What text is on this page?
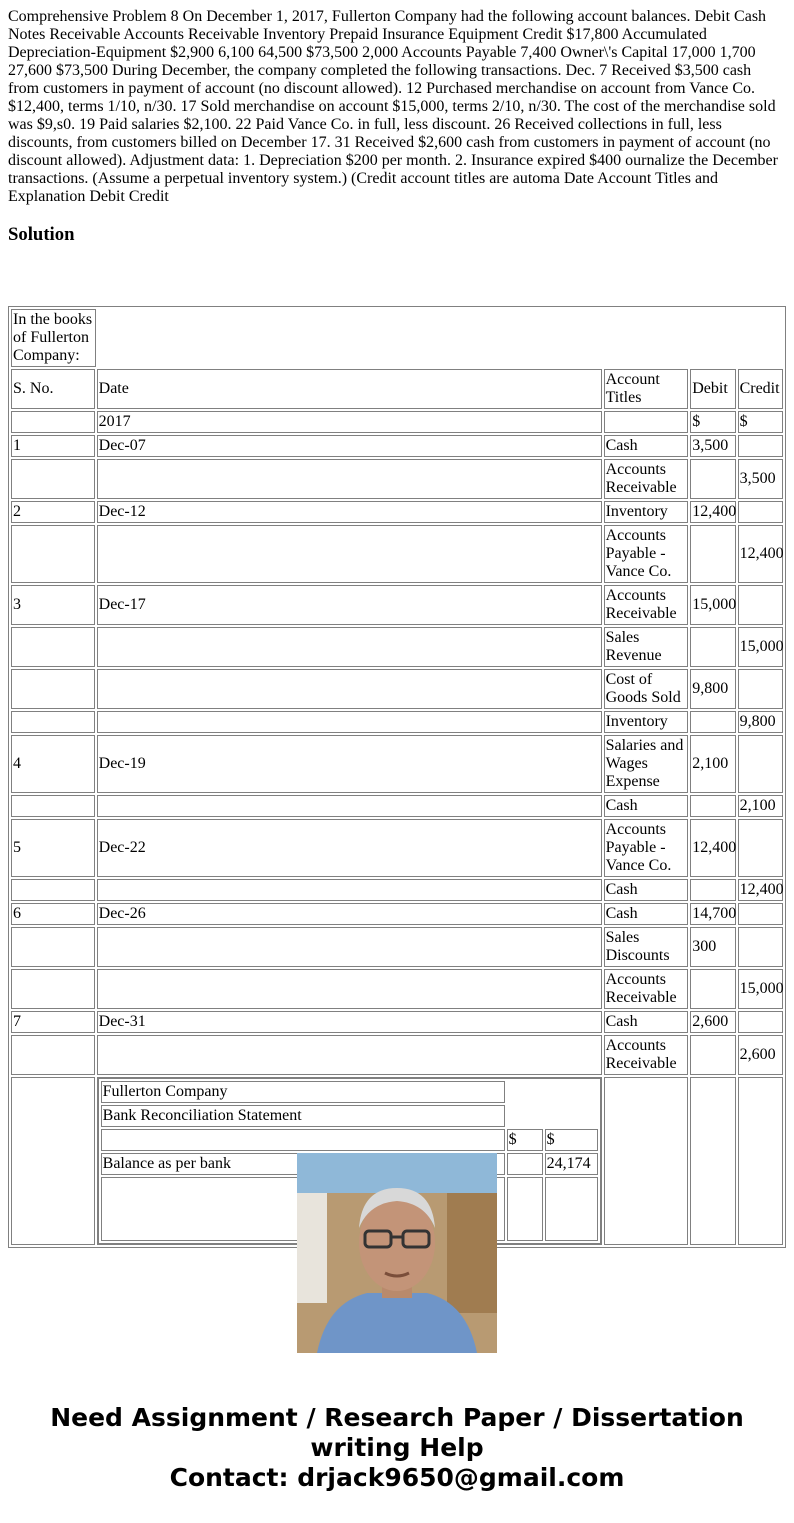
Comprehensive Problem 8 On December 1, 2017, Fullerton Company had the following account balances. Debit Cash Notes Receivable Accounts Receivable Inventory Prepaid Insurance Equipment Credit $17,800 Accumulated Depreciation-Equipment $2,900 6,100 64,500 $73,500 2,000 Accounts Payable 7,400 Owner\'s Capital 17,000 1,700 27,600 $73,500 During December, the company completed the following transactions. Dec. 7 Received $3,500 cash from customers in payment of account (no discount allowed). 12 Purchased merchandise on account from Vance Co. $12,400, terms 1/10, n/30. 17 Sold merchandise on account $15,000, terms 2/10, n/30. The cost of the merchandise sold was $9,s0. 19 Paid salaries $2,100. 22 Paid Vance Co. in full, less discount. 26 Received collections in full, less discounts, from customers billed on December 17. 31 Received $2,600 cash from customers in payment of account (no discount allowed). Adjustment data: 1. Depreciation $200 per month. 2. Insurance expired $400 ournalize the December transactions. (Assume a perpetual inventory system.) (Credit account titles are automa Date Account Titles and Explanation Debit Credit

Solution
In the books of Fullerton Company:

S. No.	Date	Account Titles	Debit	Credit
	2017		$	$
1	Dec-07	Cash	3,500	
		Accounts Receivable		3,500
2	Dec-12	Inventory	12,400	
		Accounts Payable - Vance Co.		12,400
3	Dec-17	Accounts Receivable	15,000	
		Sales Revenue		15,000
		Cost of Goods Sold	9,800	
		Inventory		9,800
4	Dec-19	Salaries and Wages Expense	2,100	
		Cash		2,100
5	Dec-22	Accounts Payable - Vance Co.	12,400	
		Cash		12,400
6	Dec-26	Cash	14,700	
		Sales Discounts	300	
		Accounts Receivable		15,000
7	Dec-31	Cash	2,600	
		Accounts Receivable		2,600

Fullerton Company		
Bank Reconciliation Statement		
	$	$
Balance as per bank		24,174

Need Assignment / Research Paper / Dissertation
writing Help
Contact: drjack9650@gmail.com
